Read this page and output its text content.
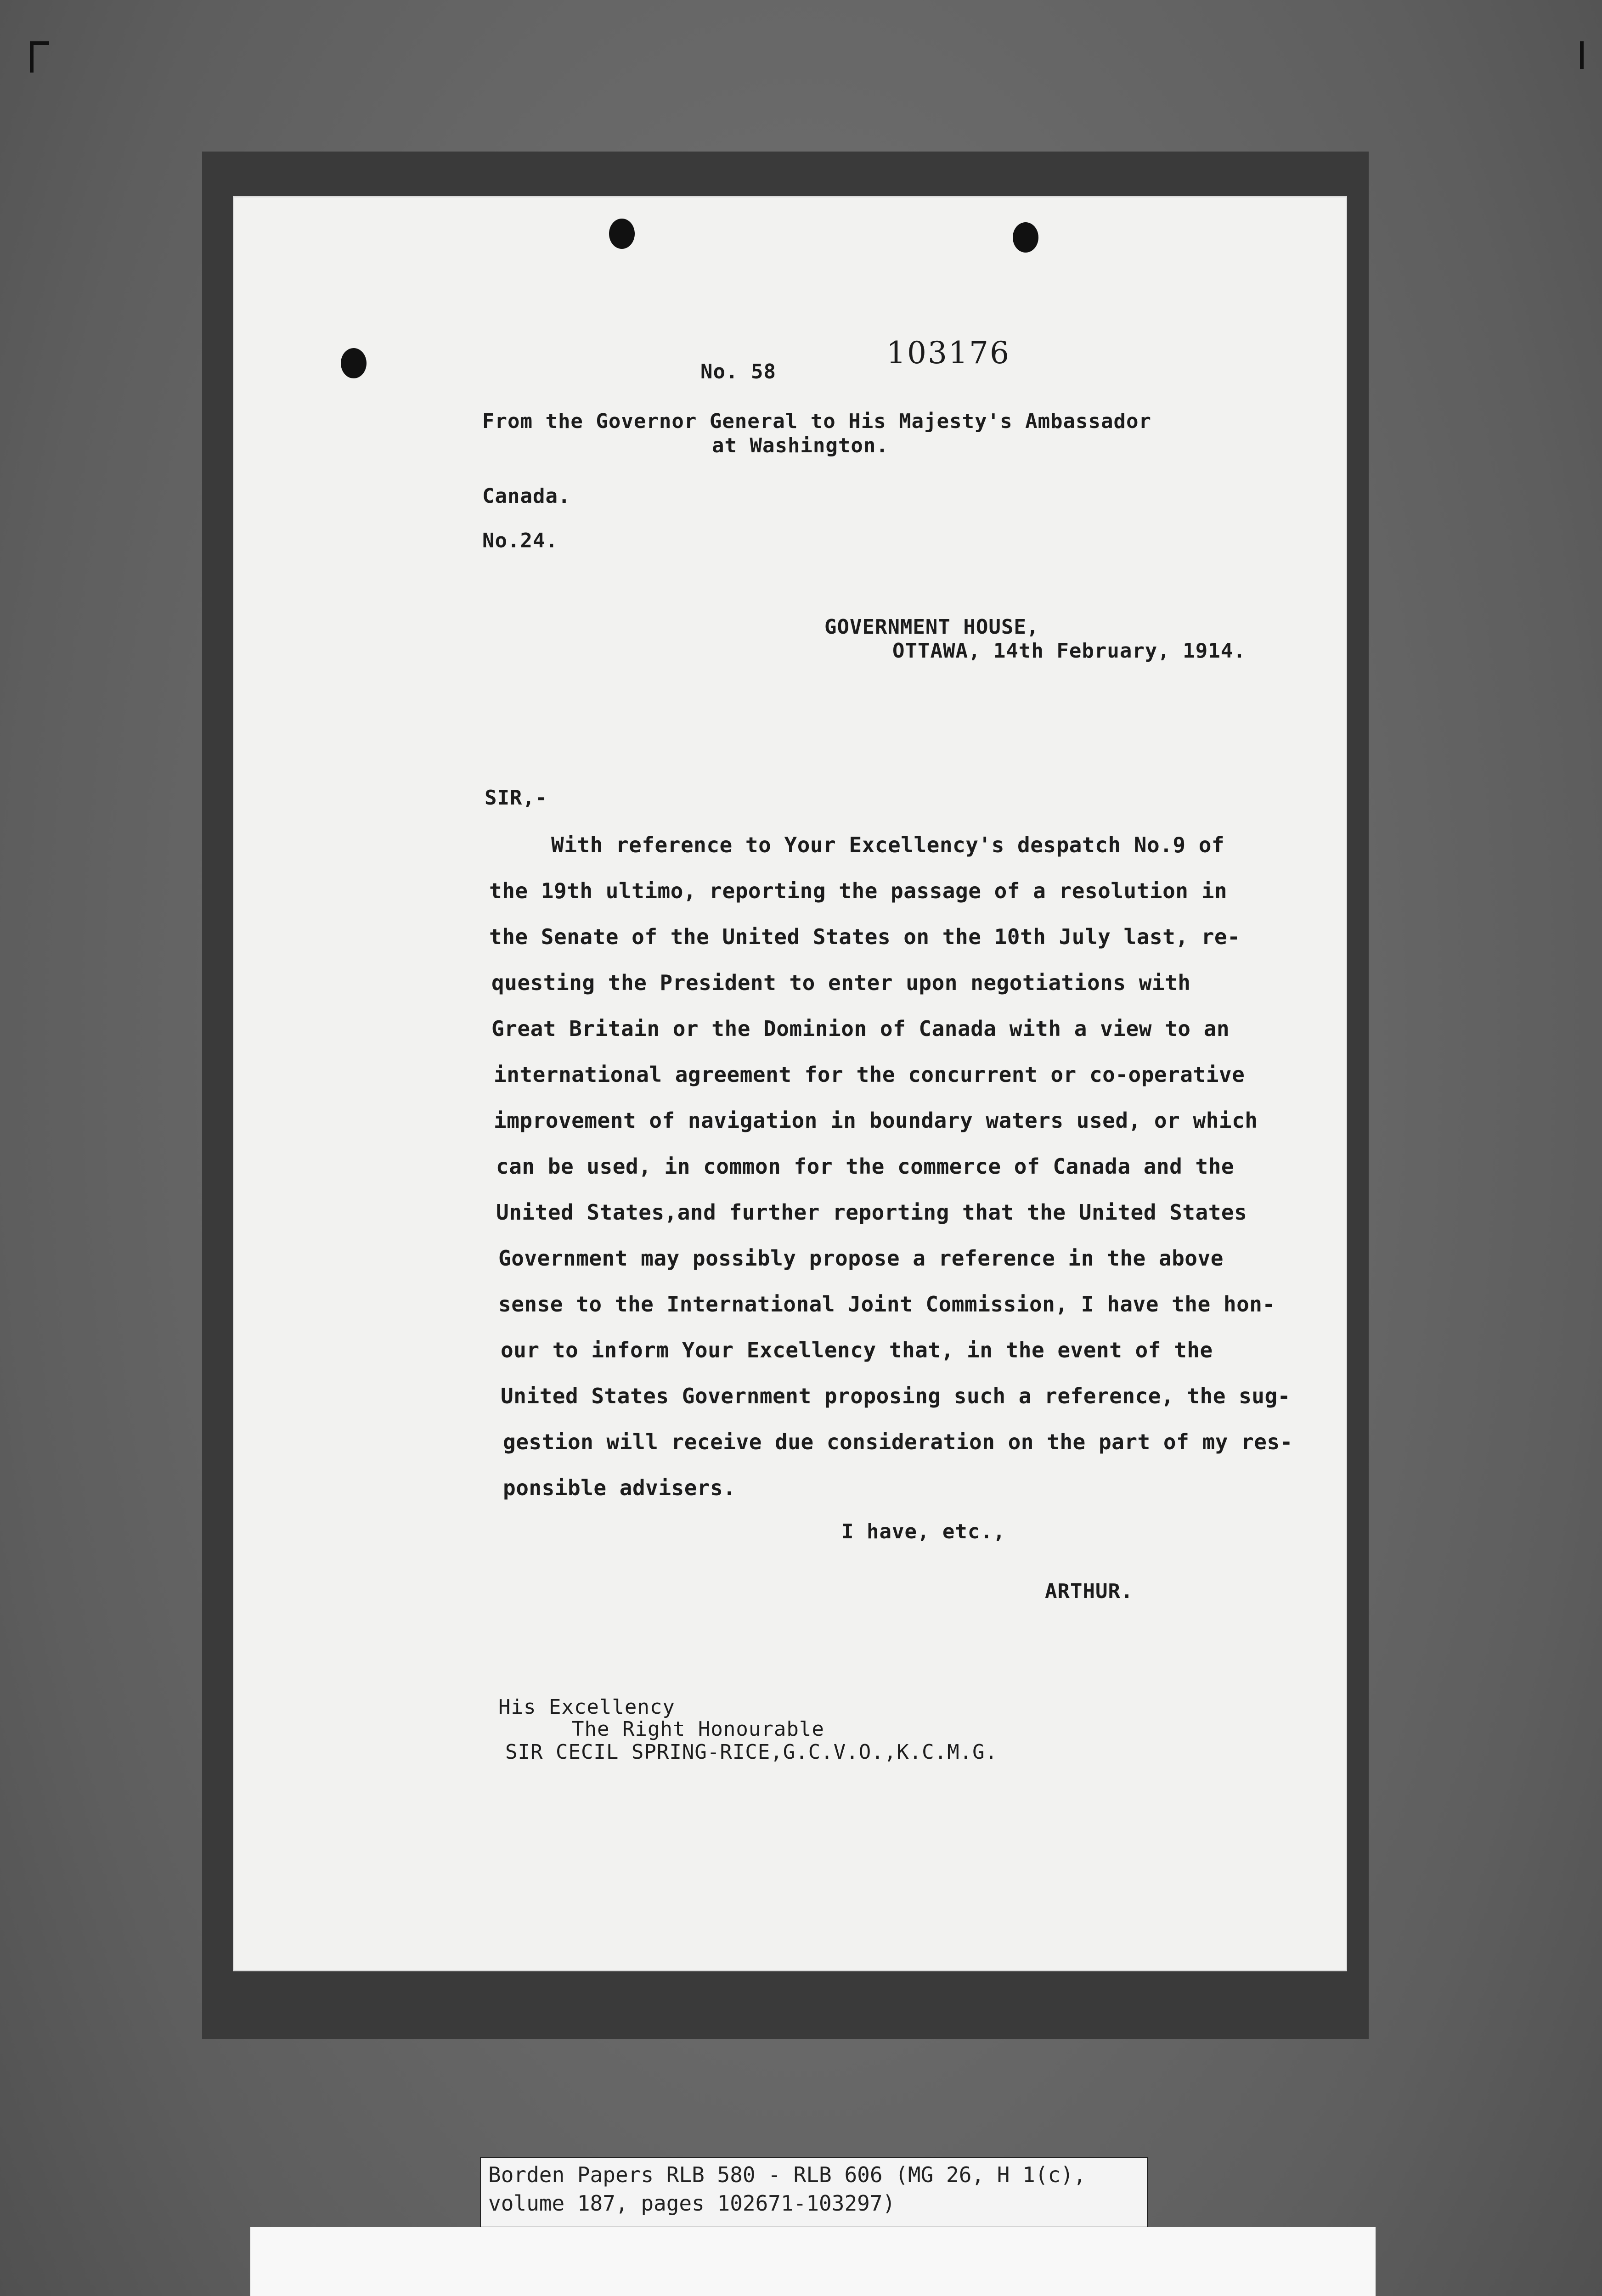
No. 58
103176
From the Governor General to His Majesty's Ambassador
at Washington.
Canada.
No.24.
GOVERNMENT HOUSE,
OTTAWA, 14th February, 1914.
SIR,-
With reference to Your Excellency's despatch No.9 of
the 19th ultimo, reporting the passage of a resolution in
the Senate of the United States on the 10th July last, re-
questing the President to enter upon negotiations with
Great Britain or the Dominion of Canada with a view to an
international agreement for the concurrent or co-operative
improvement of navigation in boundary waters used, or which
can be used, in common for the commerce of Canada and the
United States,and further reporting that the United States
Government may possibly propose a reference in the above
sense to the International Joint Commission, I have the hon-
our to inform Your Excellency that, in the event of the
United States Government proposing such a reference, the sug-
gestion will receive due consideration on the part of my res-
ponsible advisers.
I have, etc.,
ARTHUR.
His Excellency
The Right Honourable
SIR CECIL SPRING-RICE,G.C.V.O.,K.C.M.G.
Borden Papers RLB 580 - RLB 606 (MG 26, H 1(c),
volume 187, pages 102671-103297)
